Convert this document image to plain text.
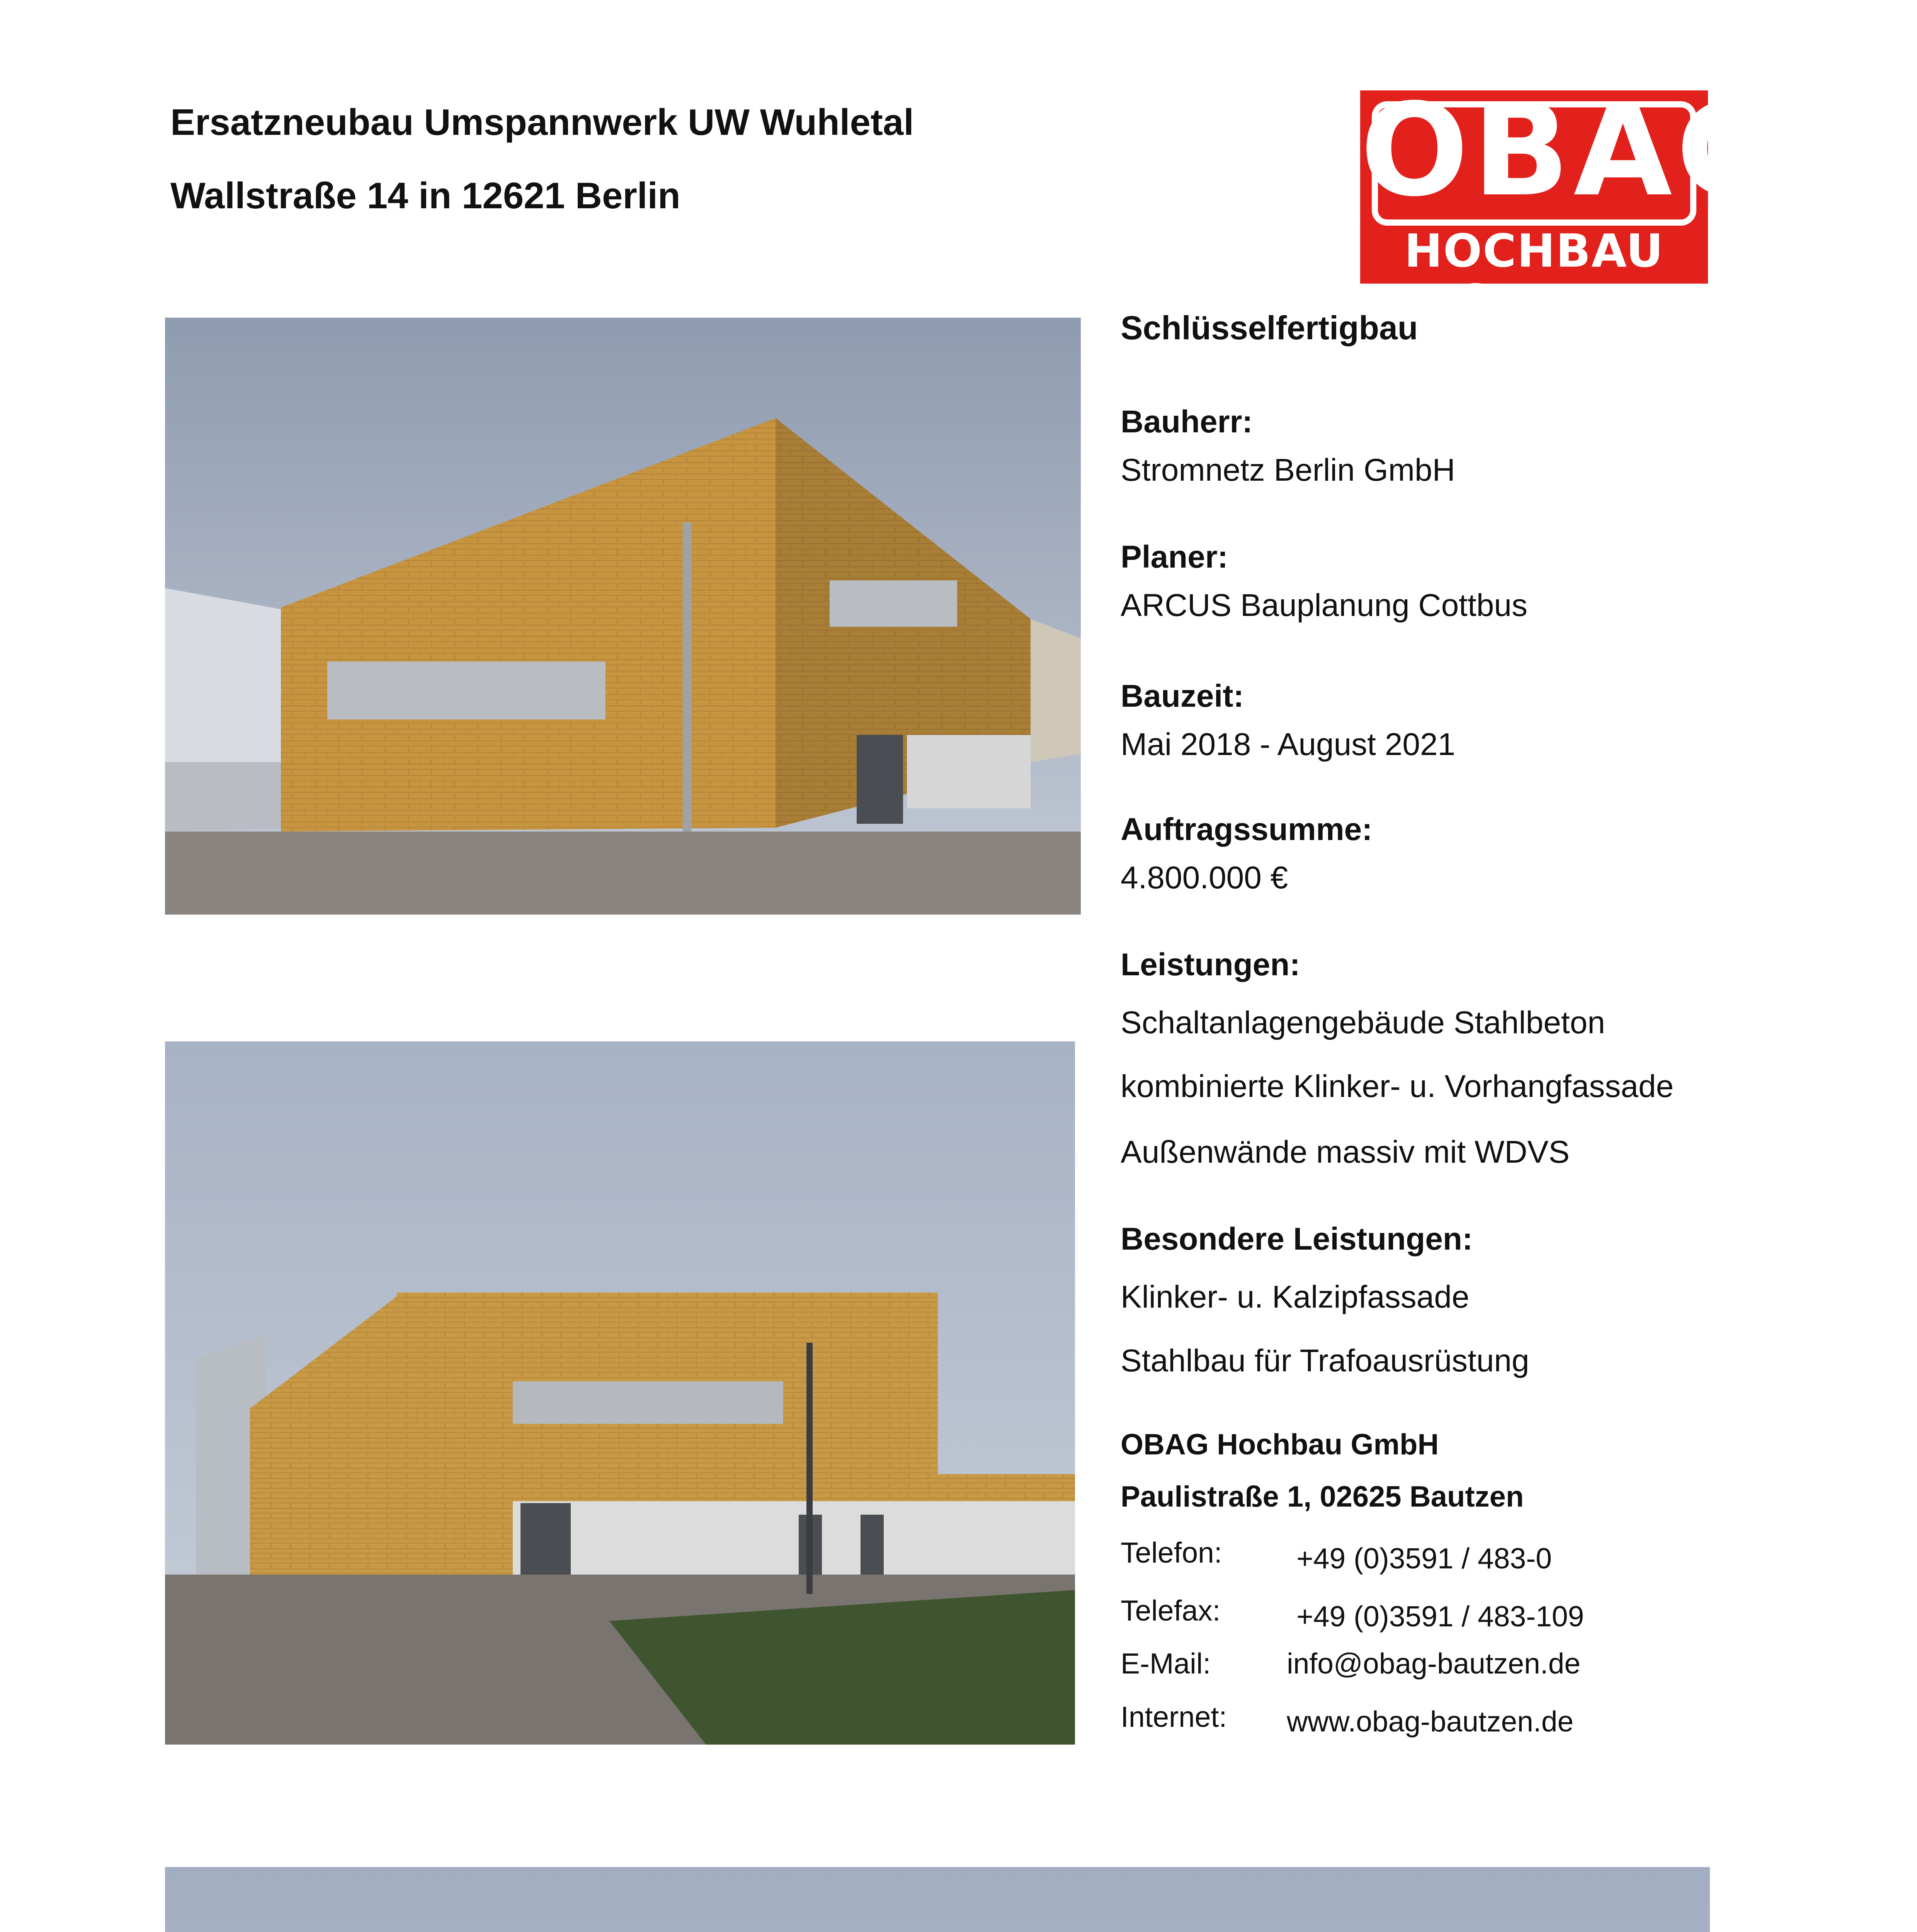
Ersatzneubau Umspannwerk UW Wuhletal
Wallstraße 14 in 12621 Berlin	OBAG
HOCHBAU GMBH
Schlüsselfertigbau
Bauherr:
Stromnetz Berlin GmbH
Planer:
ARCUS Bauplanung Cottbus
Bauzeit:
Mai 2018 - August 2021
Auftragssumme:
4.800.000 €
Leistungen:
Schaltanlagengebäude Stahlbeton
kombinierte Klinker- u. Vorhangfassade
Außenwände massiv mit WDVS
Besondere Leistungen:
Klinker- u. Kalzipfassade
Stahlbau für Trafoausrüstung
OBAG Hochbau GmbH
Paulistraße 1, 02625 Bautzen
Telefon:	+49 (0)3591 / 483-0
Telefax:	+49 (0)3591 / 483-109
E-Mail:	info@obag-bautzen.de
Internet: www.obag-bautzen.de
